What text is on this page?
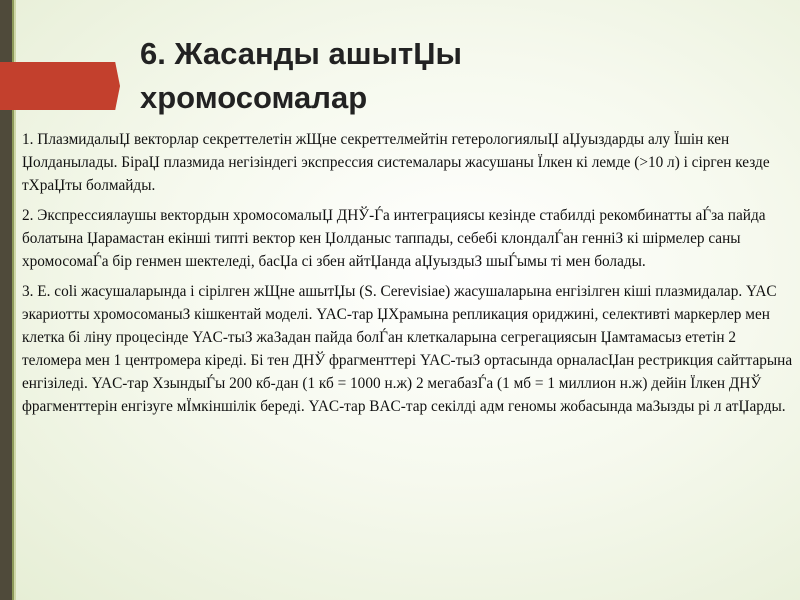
6. Жасанды ашытЏы
хромосомалар

1. ПлазмидалыЏ векторлар секреттелетін жЩне секреттелмейтін гетерологиялыЏ аЏуыздарды алу Їшін кен Џолданылады. БіраЏ плазмида негізіндегі экспрессия системалары жасушаны Їлкен кі лемде (>10 л) і сірген кезде тХраЏты болмайды.

2. Экспрессиялаушы вектордын хромосомалыЏ ДНЎ-Ѓа интеграциясы кезінде стабилді рекомбинатты аЃза пайда болатына Џарамастан екінші типті вектор кен Џолданыс таппады, себебі клондалЃан генніЗ кі шірмелер саны хромосомаЃа бір генмен шектеледі, басЏа сі збен айтЏанда аЏуыздыЗ шыЃымы ті мен болады.

3. E. coli жасушаларында і сірілген жЩне ашытЏы (S. Cerevisiae) жасушаларына енгізілген кіші плазмидалар. YAC экариотты хромосоманыЗ кішкентай моделі. YAC-тар ЏХрамына репликация ориджині, селективті маркерлер мен клетка бі ліну процесінде YAC-тыЗ жаЗадан пайда болЃан клеткаларына сегрегациясын Џамтамасыз ететін 2 теломера мен 1 центромера кіреді. Бі тен ДНЎ фрагменттері YAC-тыЗ ортасында орналасЏан рестрикция сайттарына енгізіледі. YAC-тар ХзындыЃы 200 кб-дан (1 кб = 1000 н.ж) 2 мегабазЃа (1 мб = 1 миллион н.ж) дейін Їлкен ДНЎ фрагменттерін енгізуге мЇмкіншілік береді. YAC-тар BAC-тар секілді адм геномы жобасында маЗызды рі л атЏарды.
